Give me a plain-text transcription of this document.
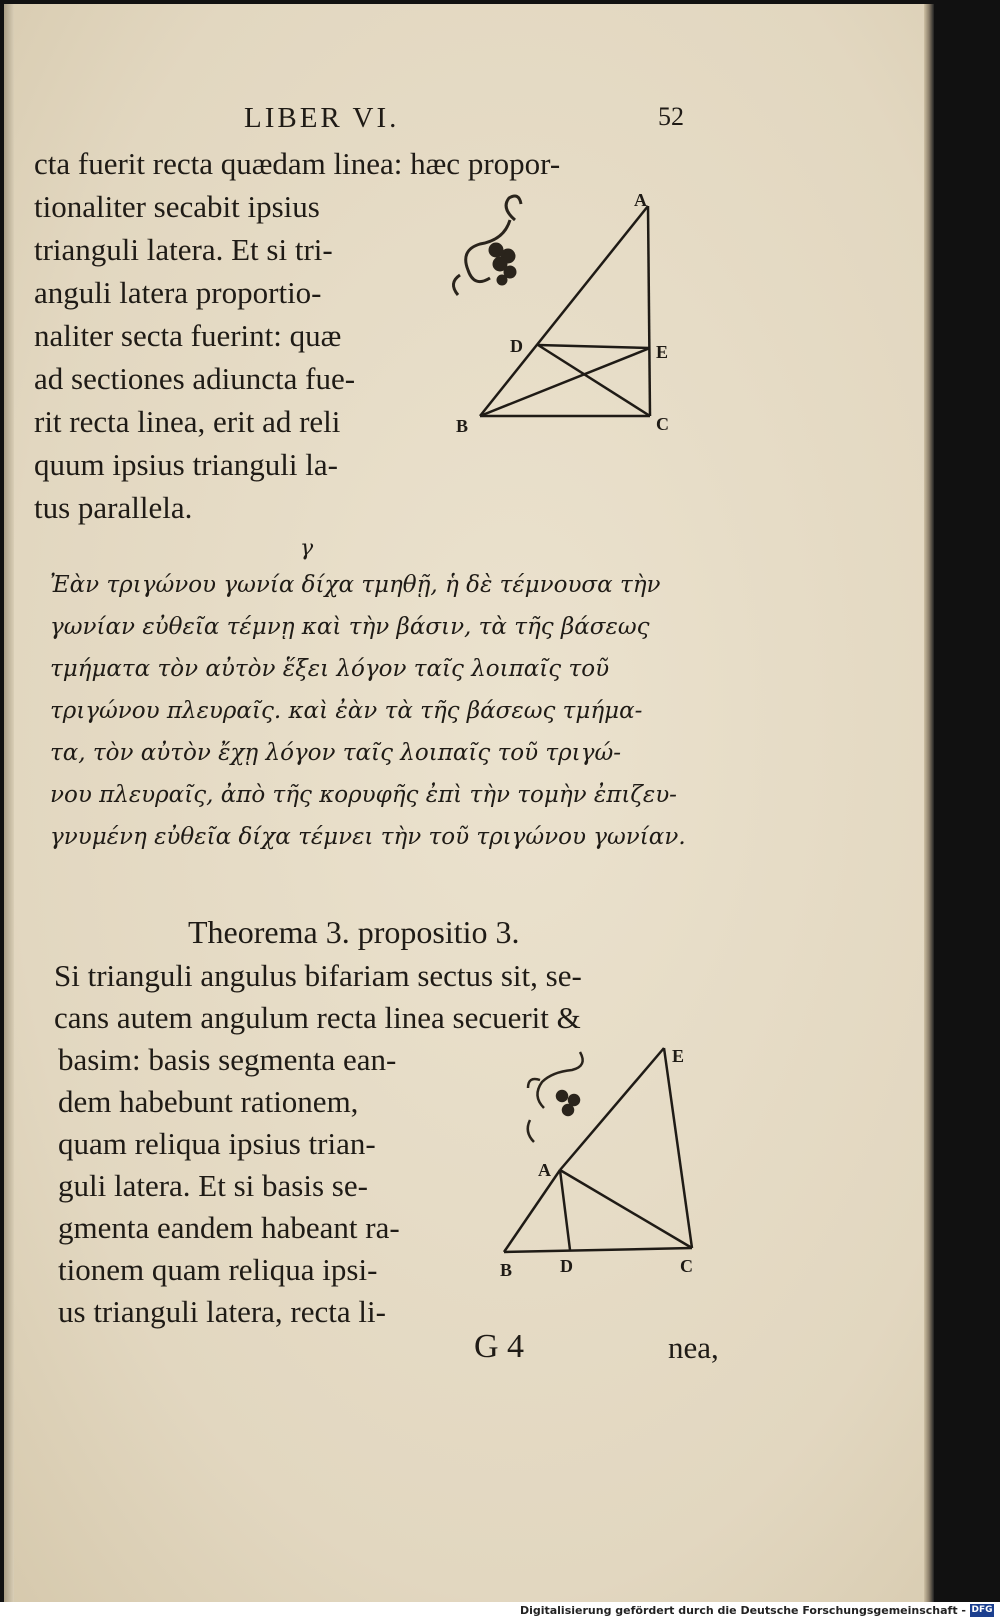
LIBER VI.	52
cta fuerit recta quædam linea: hæc propor-
tionaliter secabit ipsius
trianguli latera. Et si tri-
anguli latera proportio-
naliter secta fuerint: quæ
ad sectiones adiuncta fue-
rit recta linea, erit ad reli
quum ipsius trianguli la-
tus parallela.
A
D	E
B	C
γ
Ἐὰν τριγώνου γωνία δίχα τμηθῇ, ἡ δὲ τέμνουσα τὴν
γωνίαν εὐθεῖα τέμνῃ καὶ τὴν βάσιν, τὰ τῆς βάσεως
τμήματα τὸν αὐτὸν ἕξει λόγον ταῖς λοιπαῖς τοῦ
τριγώνου πλευραῖς. καὶ ἐὰν τὰ τῆς βάσεως τμήμα-
τα, τὸν αὐτὸν ἔχῃ λόγον ταῖς λοιπαῖς τοῦ τριγώ-
νου πλευραῖς, ἀπὸ τῆς κορυφῆς ἐπὶ τὴν τομὴν ἐπιζευ-
γνυμένη εὐθεῖα δίχα τέμνει τὴν τοῦ τριγώνου γωνίαν.
Theorema 3. propositio 3.
Si trianguli angulus bifariam sectus sit, se-
cans autem angulum recta linea secuerit &
basim: basis segmenta ean-
dem habebunt rationem,
quam reliqua ipsius trian-
guli latera. Et si basis se-
gmenta eandem habeant ra-
tionem quam reliqua ipsi-
us trianguli latera, recta li-
E
A
B	D	C
G 4	nea,
Digitalisierung gefördert durch die Deutsche Forschungsgemeinschaft - DFG
